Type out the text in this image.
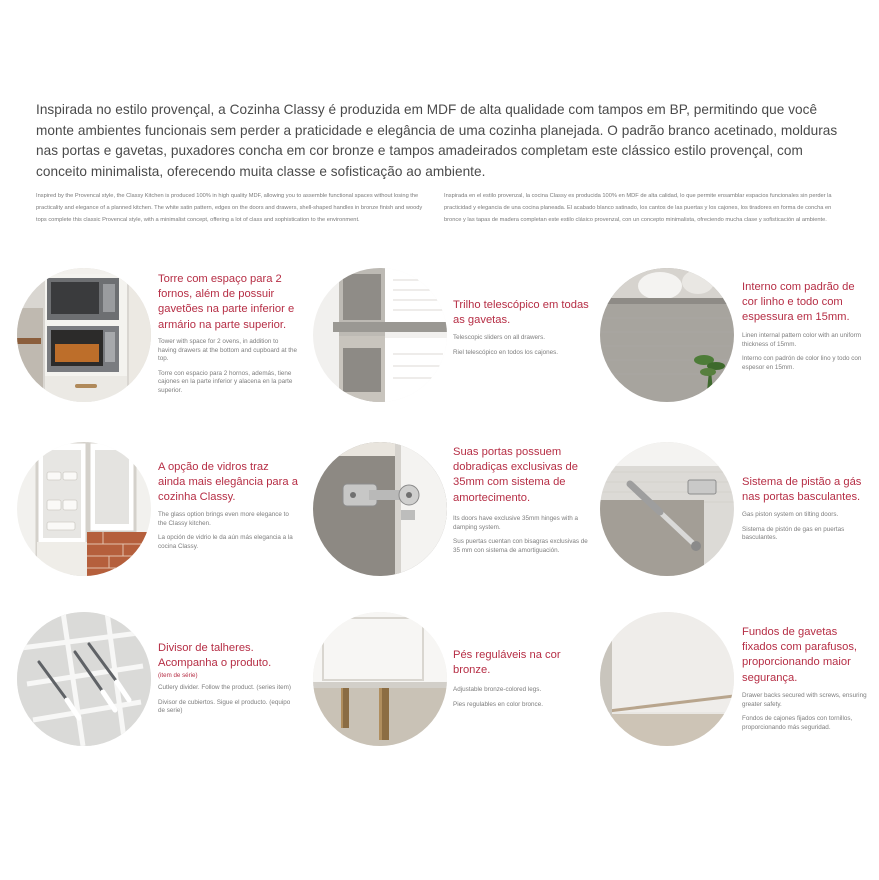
Inspirada no estilo provençal, a Cozinha Classy é produzida em MDF de alta qualidade com tampos em BP, permitindo que você monte ambientes funcionais sem perder a praticidade e elegância de uma cozinha planejada. O padrão branco acetinado, molduras nas portas e gavetas, puxadores concha em cor bronze e tampos amadeirados completam este clássico estilo provençal, com conceito minimalista, oferecendo muita classe e sofisticação ao ambiente.

Inspired by the Provencal style, the Classy Kitchen is produced 100% in high quality MDF, allowing you to assemble functional spaces without losing the practicality and elegance of a planned kitchen. The white satin pattern, edges on the doors and drawers, shell-shaped handles in bronze finish and woody tops complete this classic Provencal style, with a minimalist concept, offering a lot of class and sophistication to the environment.

Inspirada en el estilo provenzal, la cocina Classy es producida 100% en MDF de alta calidad, lo que permite ensamblar espacios funcionales sin perder la practicidad y elegancia de una cocina planeada. El acabado blanco satinado, los cantos de las puertas y los cajones, los tiradores en forma de concha en bronce y las tapas de madera completan este estilo clásico provenzal, con un concepto minimalista, ofreciendo mucha clase y sofisticación al ambiente.

Torre com espaço para 2 fornos, além de possuir gavetões na parte inferior e armário na parte superior.

Tower with space for 2 ovens, in addition to having drawers at the bottom and cupboard at the top.

Torre con espacio para 2 hornos, además, tiene cajones en la parte inferior y alacena en la parte superior.

Trilho telescópico em todas as gavetas.

Telescopic sliders on all drawers.

Riel telescópico en todos los cajones.

Interno com padrão de cor linho e todo com espessura em 15mm.

Linen internal pattern color with an uniform thickness of 15mm.

Interno con padrón de color lino y todo con espesor en 15mm.

A opção de vidros traz ainda mais elegância para a cozinha Classy.

The glass option brings even more elegance to the Classy kitchen.

La opción de vidrio le da aún más elegancia a la cocina Classy.

Suas portas possuem dobradiças exclusivas de 35mm com sistema de amortecimento.

Its doors have exclusive 35mm hinges with a damping system.

Sus puertas cuentan con bisagras exclusivas de 35 mm con sistema de amortiguación.

Sistema de pistão a gás nas portas basculantes.

Gas piston system on tilting doors.

Sistema de pistón de gas en puertas basculantes.

Divisor de talheres. Acompanha o produto.

(item de série)

Cutlery divider. Follow the product. (series item)

Divisor de cubiertos. Sigue el producto. (equipo de serie)

Pés reguláveis na cor bronze.

Adjustable bronze-colored legs.

Pies regulables en color bronce.

Fundos de gavetas fixados com parafusos, proporcionando maior segurança.

Drawer backs secured with screws, ensuring greater safety.

Fondos de cajones fijados con tornillos, proporcionando más seguridad.
